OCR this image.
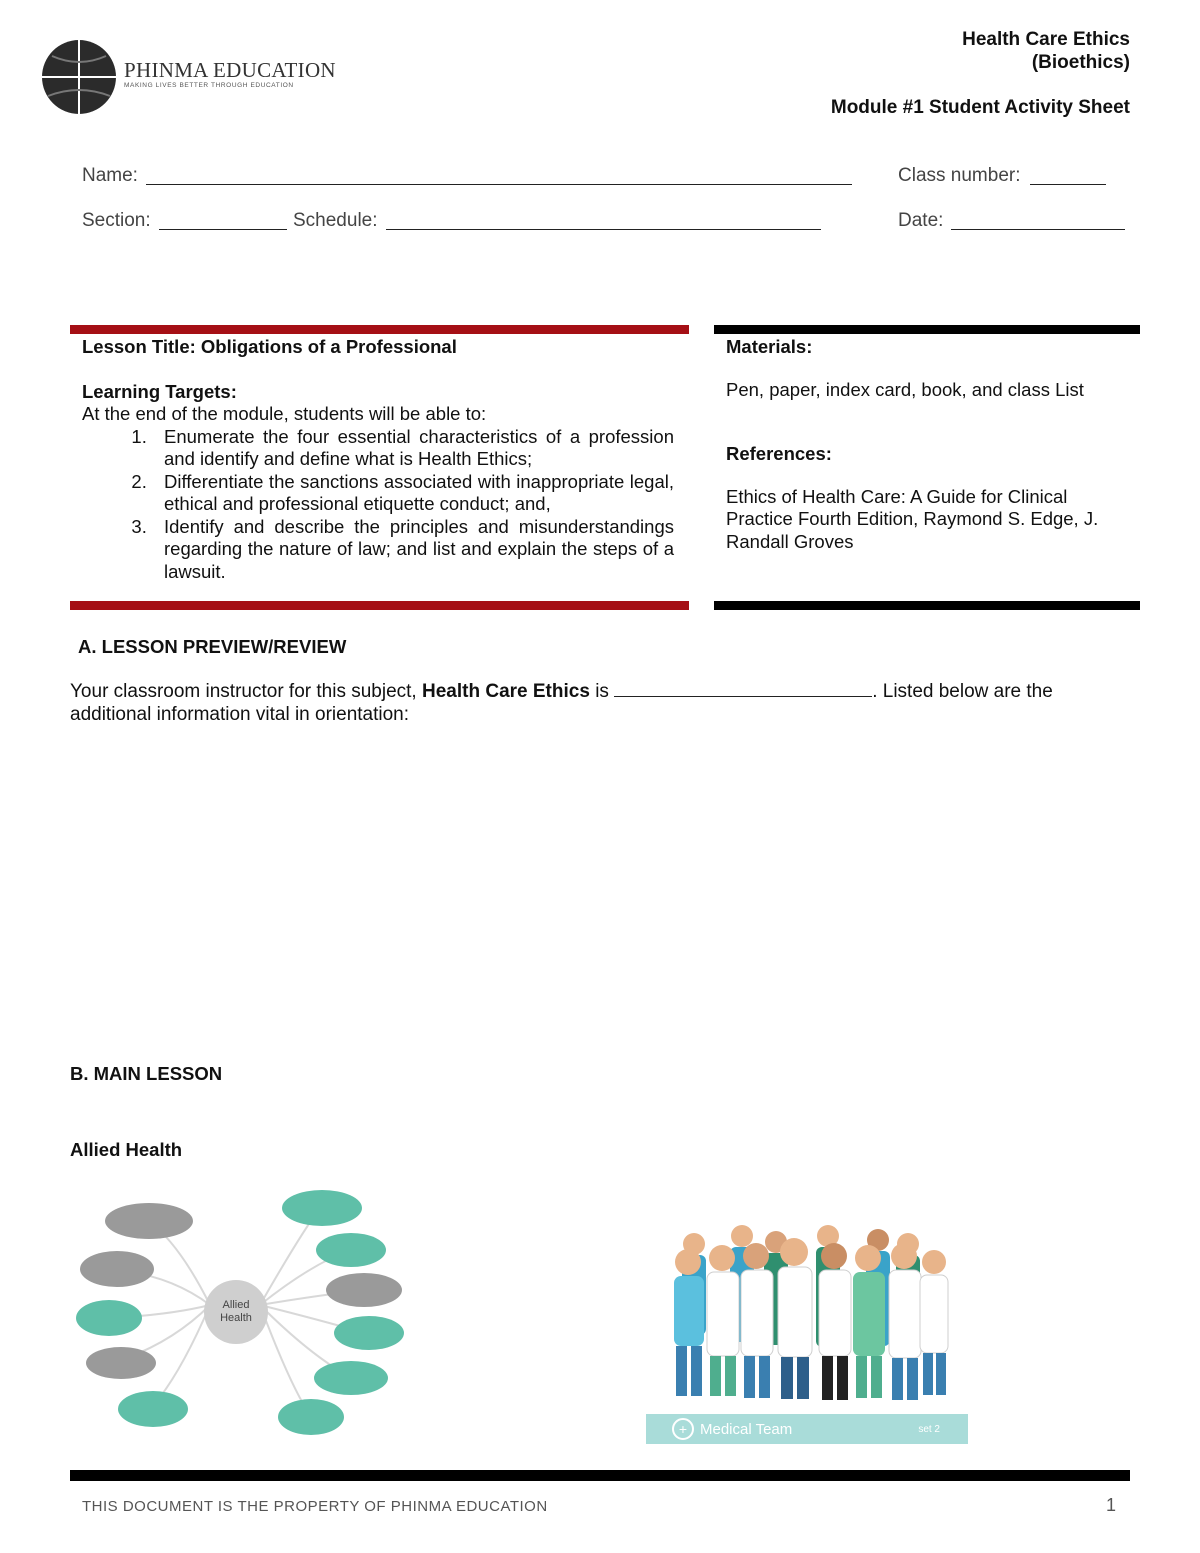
PHINMA EDUCATION
MAKING LIVES BETTER THROUGH EDUCATION
Health Care Ethics
(Bioethics)
Module #1 Student Activity Sheet
Name:	Class number:
Section:	Schedule:	Date:
Lesson Title: Obligations of a Professional
Learning Targets:
At the end of the module, students will be able to:
1. Enumerate the four essential characteristics of a profession and identify and define what is Health Ethics;
2. Differentiate the sanctions associated with inappropriate legal, ethical and professional etiquette conduct; and,
3. Identify and describe the principles and misunderstandings regarding the nature of law; and list and explain the steps of a lawsuit.
Materials:
Pen, paper, index card, book, and class List
References:
Ethics of Health Care: A Guide for Clinical Practice Fourth Edition, Raymond S. Edge, J. Randall Groves
A. LESSON PREVIEW/REVIEW
Your classroom instructor for this subject, Health Care Ethics is	. Listed below are the
additional information vital in orientation:
B. MAIN LESSON
Allied Health
Allied Health
+ Medical Team	set 2
THIS DOCUMENT IS THE PROPERTY OF PHINMA EDUCATION	1
